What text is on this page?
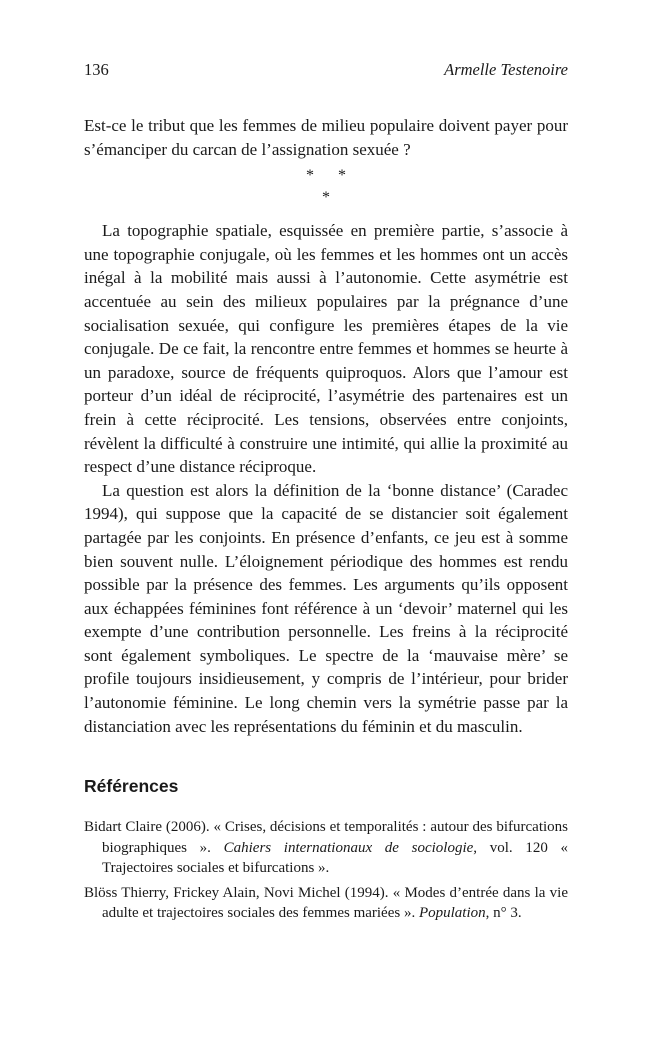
136	Armelle Testenoire

Est-ce le tribut que les femmes de milieu populaire doivent payer pour s’émanciper du carcan de l’assignation sexuée ?

* *
*

La topographie spatiale, esquissée en première partie, s’associe à une topographie conjugale, où les femmes et les hommes ont un accès inégal à la mobilité mais aussi à l’autonomie. Cette asymétrie est accentuée au sein des milieux populaires par la prégnance d’une socialisation sexuée, qui configure les premières étapes de la vie conjugale. De ce fait, la rencontre entre femmes et hommes se heurte à un paradoxe, source de fréquents quiproquos. Alors que l’amour est porteur d’un idéal de réciprocité, l’asymétrie des partenaires est un frein à cette réciprocité. Les tensions, observées entre conjoints, révèlent la difficulté à construire une intimité, qui allie la proximité au respect d’une distance réciproque.

La question est alors la définition de la ‘bonne distance’ (Caradec 1994), qui suppose que la capacité de se distancier soit également partagée par les conjoints. En présence d’enfants, ce jeu est à somme bien souvent nulle. L’éloignement périodique des hommes est rendu possible par la présence des femmes. Les arguments qu’ils opposent aux échappées féminines font référence à un ‘devoir’ maternel qui les exempte d’une contribution personnelle. Les freins à la réciprocité sont également symboliques. Le spectre de la ‘mauvaise mère’ se profile toujours insidieusement, y compris de l’intérieur, pour brider l’autonomie féminine. Le long chemin vers la symétrie passe par la distanciation avec les représentations du féminin et du masculin.

Références

Bidart Claire (2006). « Crises, décisions et temporalités : autour des bifurcations biographiques ». Cahiers internationaux de sociologie, vol. 120 « Trajectoires sociales et bifurcations ».

Blöss Thierry, Frickey Alain, Novi Michel (1994). « Modes d’entrée dans la vie adulte et trajectoires sociales des femmes mariées ». Population, n° 3.
